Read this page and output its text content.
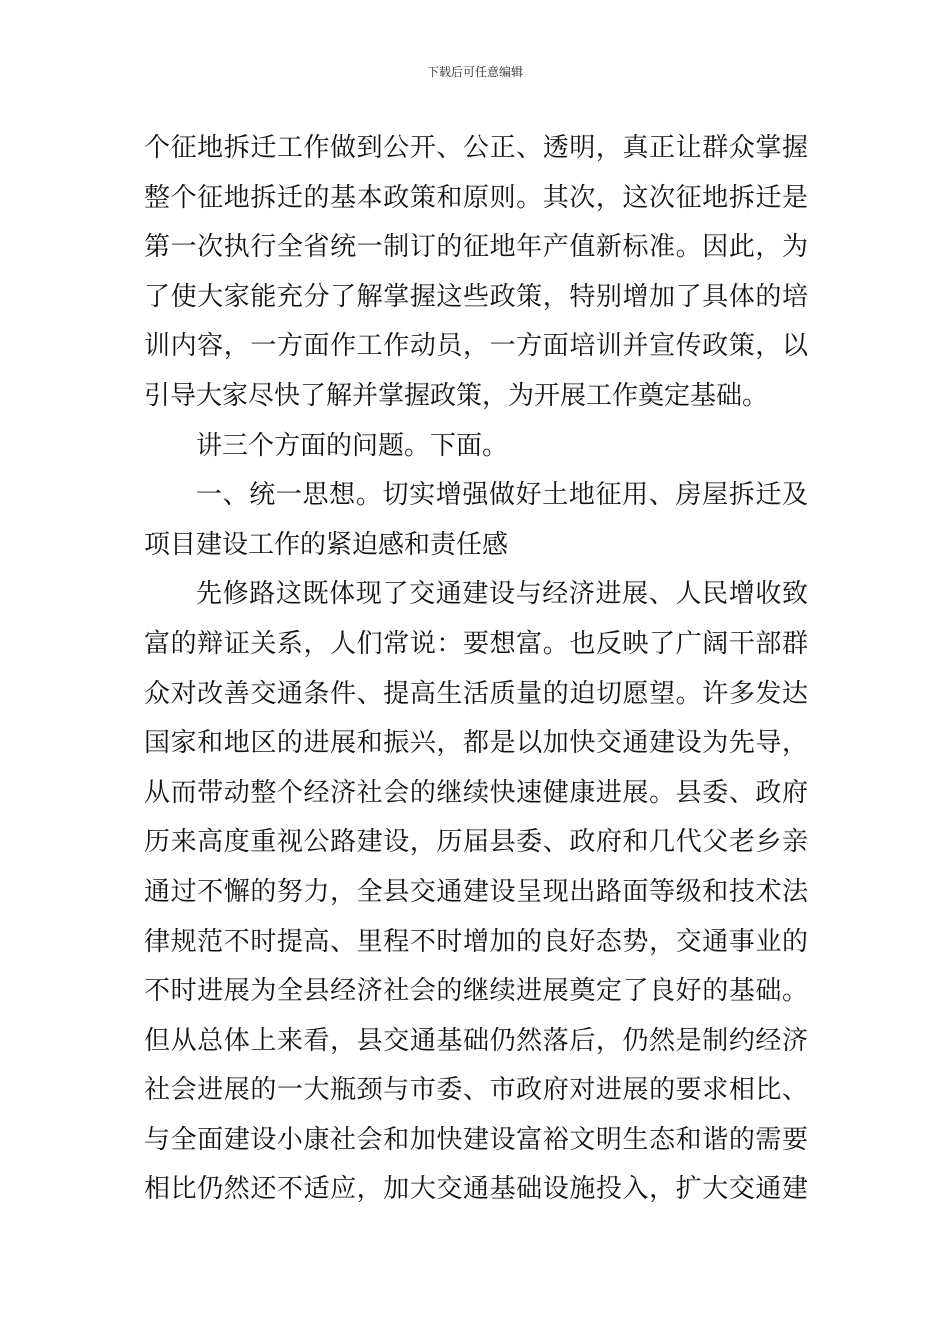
下载后可任意编辑
个征地拆迁工作做到公开、公正、透明，真正让群众掌握
整个征地拆迁的基本政策和原则。其次，这次征地拆迁是
第一次执行全省统一制订的征地年产值新标准。因此，为
了使大家能充分了解掌握这些政策，特别增加了具体的培
训内容，一方面作工作动员，一方面培训并宣传政策，以
引导大家尽快了解并掌握政策，为开展工作奠定基础。
讲三个方面的问题。下面。
一、统一思想。切实增强做好土地征用、房屋拆迁及
项目建设工作的紧迫感和责任感
先修路这既体现了交通建设与经济进展、人民增收致
富的辩证关系，人们常说：要想富。也反映了广阔干部群
众对改善交通条件、提高生活质量的迫切愿望。许多发达
国家和地区的进展和振兴，都是以加快交通建设为先导，
从而带动整个经济社会的继续快速健康进展。县委、政府
历来高度重视公路建设，历届县委、政府和几代父老乡亲
通过不懈的努力，全县交通建设呈现出路面等级和技术法
律规范不时提高、里程不时增加的良好态势，交通事业的
不时进展为全县经济社会的继续进展奠定了良好的基础。
但从总体上来看，县交通基础仍然落后，仍然是制约经济
社会进展的一大瓶颈与市委、市政府对进展的要求相比、
与全面建设小康社会和加快建设富裕文明生态和谐的需要
相比仍然还不适应，加大交通基础设施投入，扩大交通建
